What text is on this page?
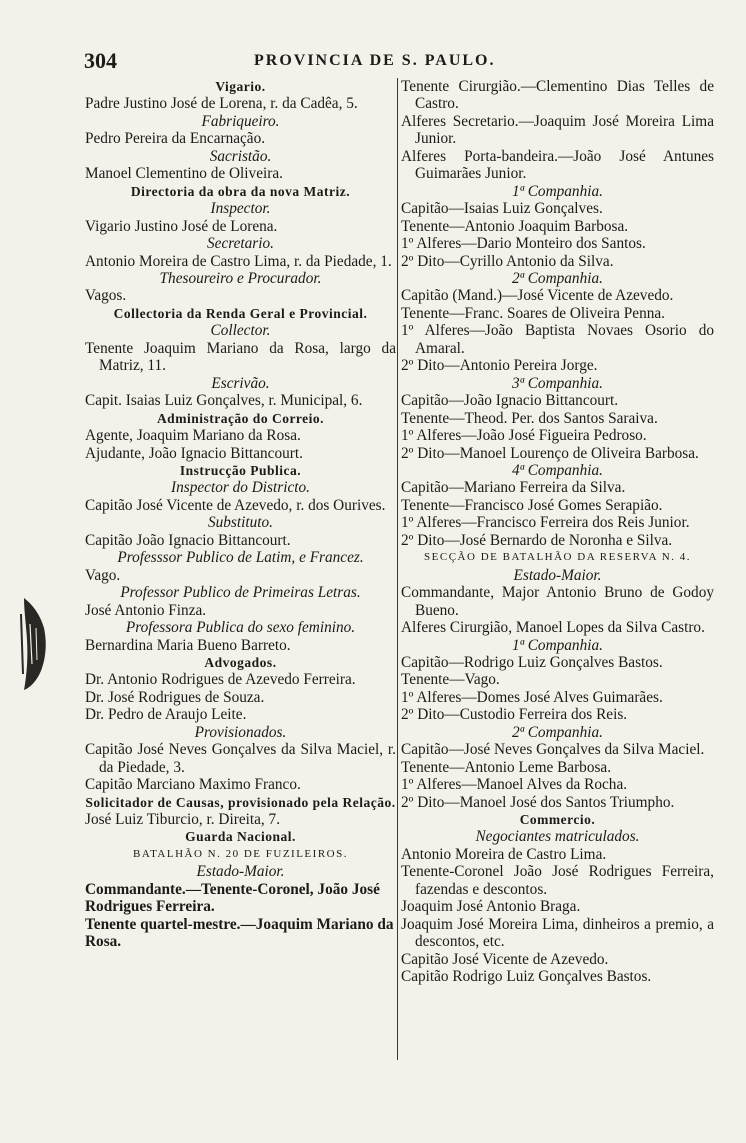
304	PROVINCIA DE S. PAULO.
Vigario.
Padre Justino José de Lorena, r. da Cadêa, 5.
Fabriqueiro.
Pedro Pereira da Encarnação.
Sacristão.
Manoel Clementino de Oliveira.
Directoria da obra da nova Matriz.
Inspector.
Vigario Justino José de Lorena.
Secretario.
Antonio Moreira de Castro Lima, r. da Piedade, 1.
Thesoureiro e Procurador.
Vagos.
Collectoria da Renda Geral e Provincial.
Collector.
Tenente Joaquim Mariano da Rosa, largo da Matriz, 11.
Escrivão.
Capit. Isaias Luiz Gonçalves, r. Municipal, 6.
Administração do Correio.
Agente, Joaquim Mariano da Rosa.
Ajudante, João Ignacio Bittancourt.
Instrucção Publica.
Inspector do Districto.
Capitão José Vicente de Azevedo, r. dos Ourives.
Substituto.
Capitão João Ignacio Bittancourt.
Professsor Publico de Latim, e Francez.
Vago.
Professor Publico de Primeiras Letras.
José Antonio Finza.
Professora Publica do sexo feminino.
Bernardina Maria Bueno Barreto.
Advogados.
Dr. Antonio Rodrigues de Azevedo Ferreira.
Dr. José Rodrigues de Souza.
Dr. Pedro de Araujo Leite.
Provisionados.
Capitão José Neves Gonçalves da Silva Maciel, r. da Piedade, 3.
Capitão Marciano Maximo Franco.
Solicitador de Causas, provisionado pela Relação.
José Luiz Tiburcio, r. Direita, 7.
Guarda Nacional.
BATALHÃO N. 20 DE FUZILEIROS.
Estado-Maior.
Commandante.—Tenente-Coronel, João José Rodrigues Ferreira.
Tenente quartel-mestre.—Joaquim Mariano da Rosa.
Tenente Cirurgião.—Clementino Dias Telles de Castro.
Alferes Secretario.—Joaquim José Moreira Lima Junior.
Alferes Porta-bandeira.—João José Antunes Guimarães Junior.
1ª Companhia.
Capitão—Isaias Luiz Gonçalves.
Tenente—Antonio Joaquim Barbosa.
1º Alferes—Dario Monteiro dos Santos.
2º Dito—Cyrillo Antonio da Silva.
2ª Companhia.
Capitão (Mand.)—José Vicente de Azevedo.
Tenente—Franc. Soares de Oliveira Penna.
1º Alferes—João Baptista Novaes Osorio do Amaral.
2º Dito—Antonio Pereira Jorge.
3ª Companhia.
Capitão—João Ignacio Bittancourt.
Tenente—Theod. Per. dos Santos Saraiva.
1º Alferes—João José Figueira Pedroso.
2º Dito—Manoel Lourenço de Oliveira Barbosa.
4ª Companhia.
Capitão—Mariano Ferreira da Silva.
Tenente—Francisco José Gomes Serapião.
1º Alferes—Francisco Ferreira dos Reis Junior.
2º Dito—José Bernardo de Noronha e Silva.
SECÇÃO DE BATALHÃO DA RESERVA N. 4.
Estado-Maior.
Commandante, Major Antonio Bruno de Godoy Bueno.
Alferes Cirurgião, Manoel Lopes da Silva Castro.
1ª Companhia.
Capitão—Rodrigo Luiz Gonçalves Bastos.
Tenente—Vago.
1º Alferes—Domes José Alves Guimarães.
2º Dito—Custodio Ferreira dos Reis.
2ª Companhia.
Capitão—José Neves Gonçalves da Silva Maciel.
Tenente—Antonio Leme Barbosa.
1º Alferes—Manoel Alves da Rocha.
2º Dito—Manoel José dos Santos Triumpho.
Commercio.
Negociantes matriculados.
Antonio Moreira de Castro Lima.
Tenente-Coronel João José Rodrigues Ferreira, fazendas e descontos.
Joaquim José Antonio Braga.
Joaquim José Moreira Lima, dinheiros a premio, a descontos, etc.
Capitão José Vicente de Azevedo.
Capitão Rodrigo Luiz Gonçalves Bastos.
